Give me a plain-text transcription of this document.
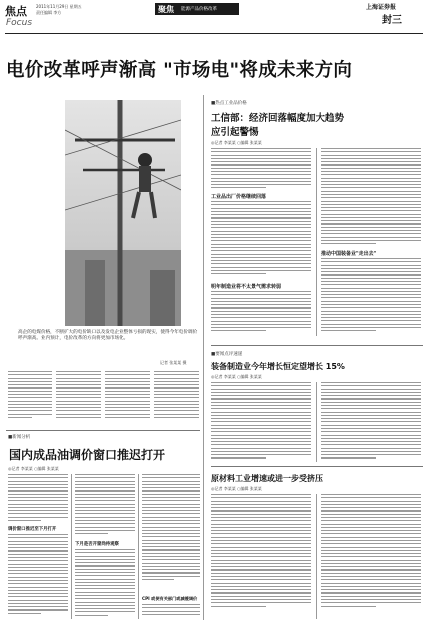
焦点
Focus
2011年11月29日 星期五
责任编辑 李方	聚焦 能源产品价格改革	上海证券报
封三
电价改革呼声渐高 "市场电"将成未来方向
高企的电煤价格，不断扩大的电价缺口以及发电企业整体亏损的现实，使得今年电价调价呼声渐高。业内预计，电价改革的方向将更加市场化。
记者 张某某 摄
■热点工业品价格
工信部：经济回落幅度加大趋势
应引起警惕
◎记者 李某某 ○编辑 张某某
工业品出厂价格继续回落
明年制造业将不太景气需求转弱
推动中国装备业"走出去"
■要闻点评速递
装备制造业今年增长恒定望增长 15%
◎记者 李某某 ○编辑 张某某
原材料工业增速或进一步受挤压
◎记者 李某某 ○编辑 张某某
■新闻分析
国内成品油调价窗口推迟打开
◎记者 李某某 ○编辑 张某某
调价窗口推迟至下月打开
下月是否开窗尚待观察
CPI 或使有关部门或减缓调价
